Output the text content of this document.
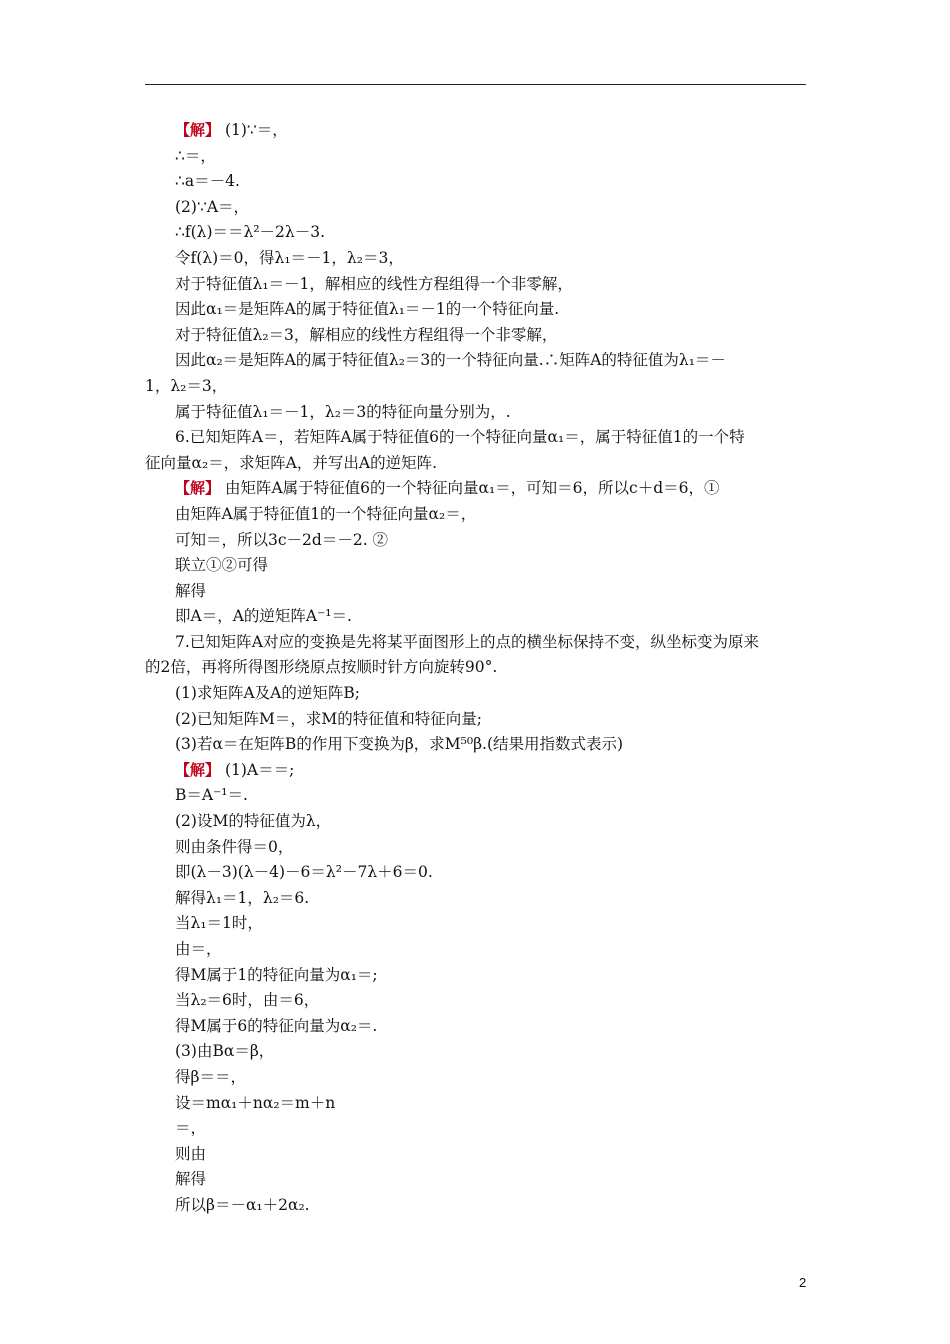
【解】 (1)∵＝，
∴＝，
∴a＝－4.
(2)∵A＝，
∴f(λ)＝＝λ²－2λ－3.
令f(λ)＝0，得λ₁＝－1，λ₂＝3，
对于特征值λ₁＝－1，解相应的线性方程组得一个非零解，
因此α₁＝是矩阵A的属于特征值λ₁＝－1的一个特征向量.
对于特征值λ₂＝3，解相应的线性方程组得一个非零解，
因此α₂＝是矩阵A的属于特征值λ₂＝3的一个特征向量.∴矩阵A的特征值为λ₁＝－
1，λ₂＝3，
属于特征值λ₁＝－1，λ₂＝3的特征向量分别为，.
6.已知矩阵A＝，若矩阵A属于特征值6的一个特征向量α₁＝，属于特征值1的一个特
征向量α₂＝，求矩阵A，并写出A的逆矩阵.
【解】 由矩阵A属于特征值6的一个特征向量α₁＝，可知＝6，所以c＋d＝6，①
由矩阵A属于特征值1的一个特征向量α₂＝，
可知＝，所以3c－2d＝－2. ②
联立①②可得
解得
即A＝，A的逆矩阵A⁻¹＝.
7.已知矩阵A对应的变换是先将某平面图形上的点的横坐标保持不变，纵坐标变为原来
的2倍，再将所得图形绕原点按顺时针方向旋转90°.
(1)求矩阵A及A的逆矩阵B;
(2)已知矩阵M＝，求M的特征值和特征向量;
(3)若α＝在矩阵B的作用下变换为β，求M⁵⁰β.(结果用指数式表示)
【解】 (1)A＝＝;
B＝A⁻¹＝.
(2)设M的特征值为λ，
则由条件得＝0，
即(λ－3)(λ－4)－6＝λ²－7λ＋6＝0.
解得λ₁＝1，λ₂＝6.
当λ₁＝1时，
由＝，
得M属于1的特征向量为α₁＝;
当λ₂＝6时，由＝6，
得M属于6的特征向量为α₂＝.
(3)由Bα＝β，
得β＝＝，
设＝mα₁＋nα₂＝m＋n
＝，
则由
解得
所以β＝－α₁＋2α₂.
2
